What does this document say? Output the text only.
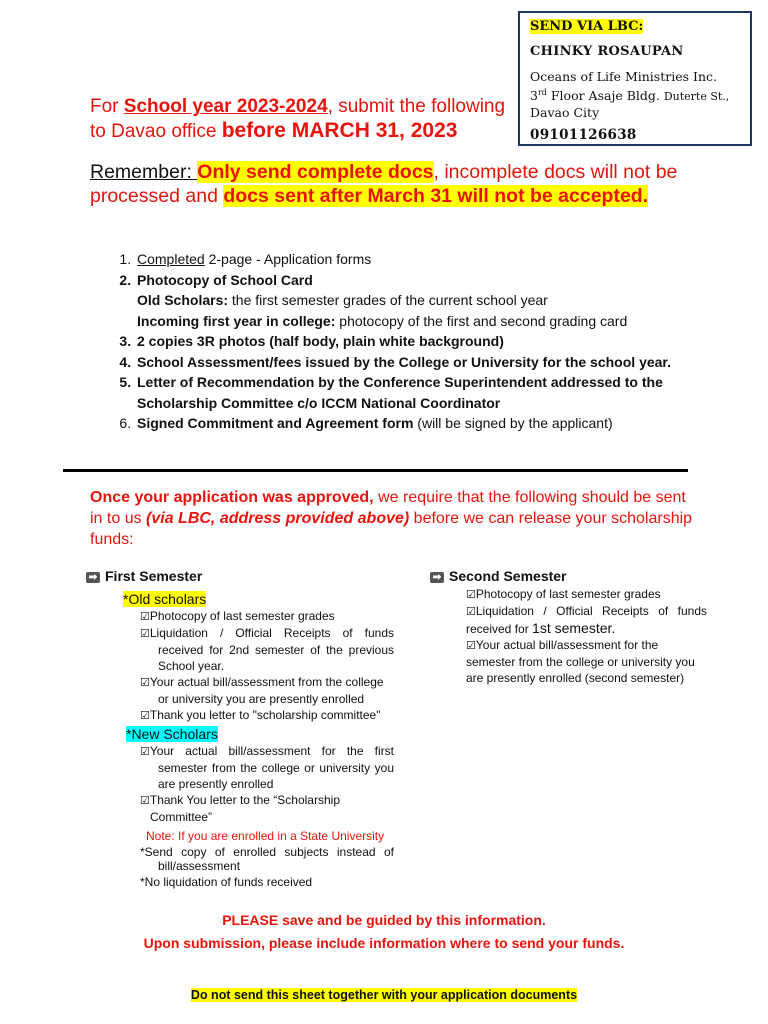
SEND VIA LBC:
CHINKY ROSAUPAN
Oceans of Life Ministries Inc.
3rd Floor Asaje Bldg. Duterte St.,
Davao City
09101126638
For School year 2023-2024, submit the following
to Davao office before MARCH 31, 2023
Remember: Only send complete docs, incomplete docs will not be processed and docs sent after March 31 will not be accepted.
1. Completed 2-page - Application forms
2. Photocopy of School Card
Old Scholars: the first semester grades of the current school year
Incoming first year in college: photocopy of the first and second grading card
3. 2 copies 3R photos (half body, plain white background)
4. School Assessment/fees issued by the College or University for the school year.
5. Letter of Recommendation by the Conference Superintendent addressed to the Scholarship Committee c/o ICCM National Coordinator
6. Signed Commitment and Agreement form (will be signed by the applicant)
Once your application was approved, we require that the following should be sent in to us (via LBC, address provided above) before we can release your scholarship funds:
➡ First Semester
*Old scholars
☑Photocopy of last semester grades
☑Liquidation / Official Receipts of funds received for 2nd semester of the previous School year.
☑Your actual bill/assessment from the college or university you are presently enrolled
☑Thank you letter to "scholarship committee"
*New Scholars
☑Your actual bill/assessment for the first semester from the college or university you are presently enrolled
☑Thank You letter to the “Scholarship Committee”
Note: If you are enrolled in a State University
*Send copy of enrolled subjects instead of bill/assessment
*No liquidation of funds received
➡ Second Semester
☑Photocopy of last semester grades
☑Liquidation / Official Receipts of funds received for 1st semester.
☑Your actual bill/assessment for the semester from the college or university you are presently enrolled (second semester)
PLEASE save and be guided by this information.
Upon submission, please include information where to send your funds.
Do not send this sheet together with your application documents
